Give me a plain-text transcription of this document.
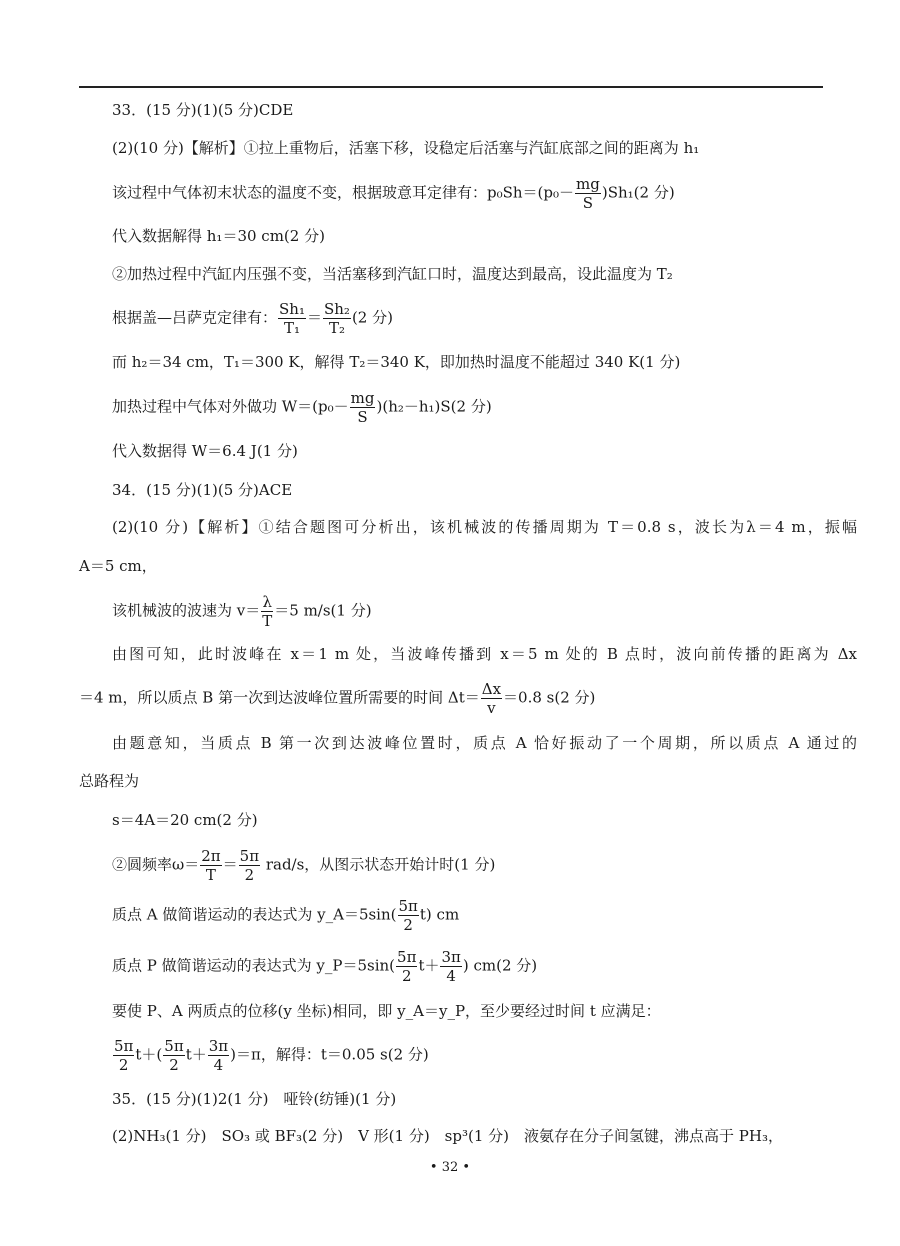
33．(15 分)(1)(5 分)CDE
(2)(10 分)【解析】①拉上重物后，活塞下移，设稳定后活塞与汽缸底部之间的距离为 h₁
该过程中气体初末状态的温度不变，根据玻意耳定律有：$p_0Sh=(p_0- \frac{mg}{S} )Sh_1(2$ 分)
代入数据解得 h₁＝30 cm(2 分)
②加热过程中汽缸内压强不变，当活塞移到汽缸口时，温度达到最高，设此温度为 T₂
根据盖—吕萨克定律有： $\frac{\text{Sh₁}}{\text{T₁}} = \frac{\text{Sh₂}}{\text{T₂}} (2$ 分)
而 h₂＝34 cm，T₁＝300 K，解得 T₂＝340 K，即加热时温度不能超过 340 K(1 分)
加热过程中气体对外做功 $W=(p_0- \frac{mg}{S} )(h_2-h_1)S(2$ 分)
代入数据得 W＝6.4 J(1 分)
34．(15 分)(1)(5 分)ACE
(2)(10 分)【解析】①结合题图可分析出，该机械波的传播周期为 T＝0.8 s，波长为λ＝4 m，振幅
A＝5 cm，
该机械波的波速为 $v= \frac{\lambda}{T} =5$ m/s(1 分)
由图可知，此时波峰在 x＝1 m 处，当波峰传播到 x＝5 m 处的 B 点时，波向前传播的距离为 Δx
＝4 m，所以质点 B 第一次到达波峰位置所需要的时间 $\Delta t= \frac{\Delta x}{v} =0.8$ s(2 分)
由题意知，当质点 B 第一次到达波峰位置时，质点 A 恰好振动了一个周期，所以质点 A 通过的
总路程为
s＝4A＝20 cm(2 分)
②圆频率$\omega= \frac{2\pi}{T} = \frac{5\pi}{2} rad/s$，从图示状态开始计时(1 分)
质点 A 做简谐运动的表达式为 y_A＝5sin( $\frac{5\pi}{2} t$) cm
质点 P 做简谐运动的表达式为 y_P＝5sin( $\frac{5\pi}{2} t+ \frac{3\pi}{4}$ ) cm(2 分)
要使 P、A 两质点的位移(y 坐标)相同，即 y_A＝y_P，至少要经过时间 t 应满足：
$\frac{5\pi}{2} t+( \frac{5\pi}{2} t+ \frac{3\pi}{4} )=\pi$，解得：t＝0.05 s(2 分)
35．(15 分)(1)2(1 分)　哑铃(纺锤)(1 分)
(2)NH₃(1 分)　SO₃ 或 BF₃(2 分)　V 形(1 分)　sp³(1 分)　液氨存在分子间氢键，沸点高于 PH₃，
• 32 •
